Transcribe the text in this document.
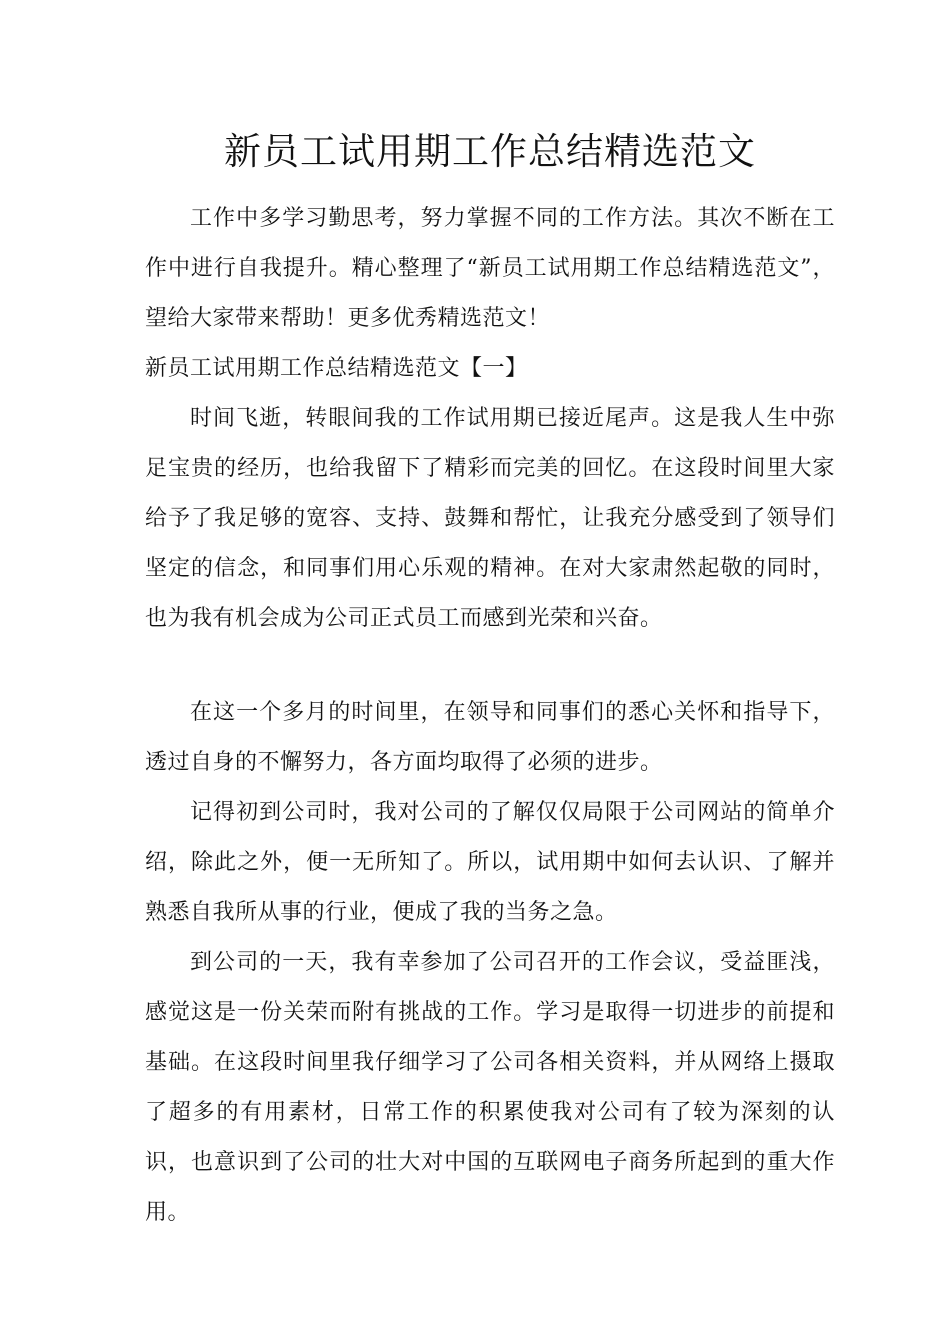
新员工试用期工作总结精选范文

工作中多学习勤思考，努力掌握不同的工作方法。其次不断在工作中进行自我提升。精心整理了“新员工试用期工作总结精选范文”，望给大家带来帮助！更多优秀精选范文！

新员工试用期工作总结精选范文【一】

时间飞逝，转眼间我的工作试用期已接近尾声。这是我人生中弥足宝贵的经历，也给我留下了精彩而完美的回忆。在这段时间里大家给予了我足够的宽容、支持、鼓舞和帮忙，让我充分感受到了领导们坚定的信念，和同事们用心乐观的精神。在对大家肃然起敬的同时，也为我有机会成为公司正式员工而感到光荣和兴奋。

在这一个多月的时间里，在领导和同事们的悉心关怀和指导下，透过自身的不懈努力，各方面均取得了必须的进步。

记得初到公司时，我对公司的了解仅仅局限于公司网站的简单介绍，除此之外，便一无所知了。所以，试用期中如何去认识、了解并熟悉自我所从事的行业，便成了我的当务之急。

到公司的一天，我有幸参加了公司召开的工作会议，受益匪浅，感觉这是一份关荣而附有挑战的工作。学习是取得一切进步的前提和基础。在这段时间里我仔细学习了公司各相关资料，并从网络上摄取了超多的有用素材，日常工作的积累使我对公司有了较为深刻的认识，也意识到了公司的壮大对中国的互联网电子商务所起到的重大作用。
